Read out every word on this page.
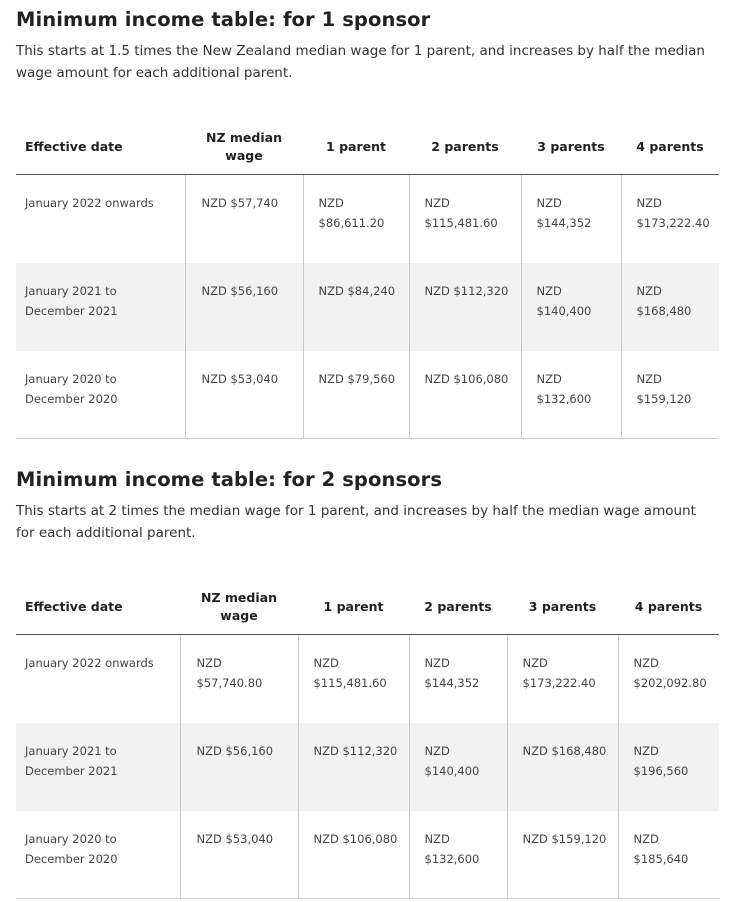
Minimum income table: for 1 sponsor

This starts at 1.5 times the New Zealand median wage for 1 parent, and increases by half the median wage amount for each additional parent.

Effective date	NZ median wage	1 parent	2 parents	3 parents	4 parents
January 2022 onwards	NZD $57,740	NZD $86,611.20	NZD $115,481.60	NZD $144,352	NZD $173,222.40
January 2021 to December 2021	NZD $56,160	NZD $84,240	NZD $112,320	NZD $140,400	NZD $168,480
January 2020 to December 2020	NZD $53,040	NZD $79,560	NZD $106,080	NZD $132,600	NZD $159,120
Minimum income table: for 2 sponsors

This starts at 2 times the median wage for 1 parent, and increases by half the median wage amount for each additional parent.

Effective date	NZ median wage	1 parent	2 parents	3 parents	4 parents
January 2022 onwards	NZD $57,740.80	NZD $115,481.60	NZD $144,352	NZD $173,222.40	NZD $202,092.80
January 2021 to December 2021	NZD $56,160	NZD $112,320	NZD $140,400	NZD $168,480	NZD $196,560
January 2020 to December 2020	NZD $53,040	NZD $106,080	NZD $132,600	NZD $159,120	NZD $185,640
